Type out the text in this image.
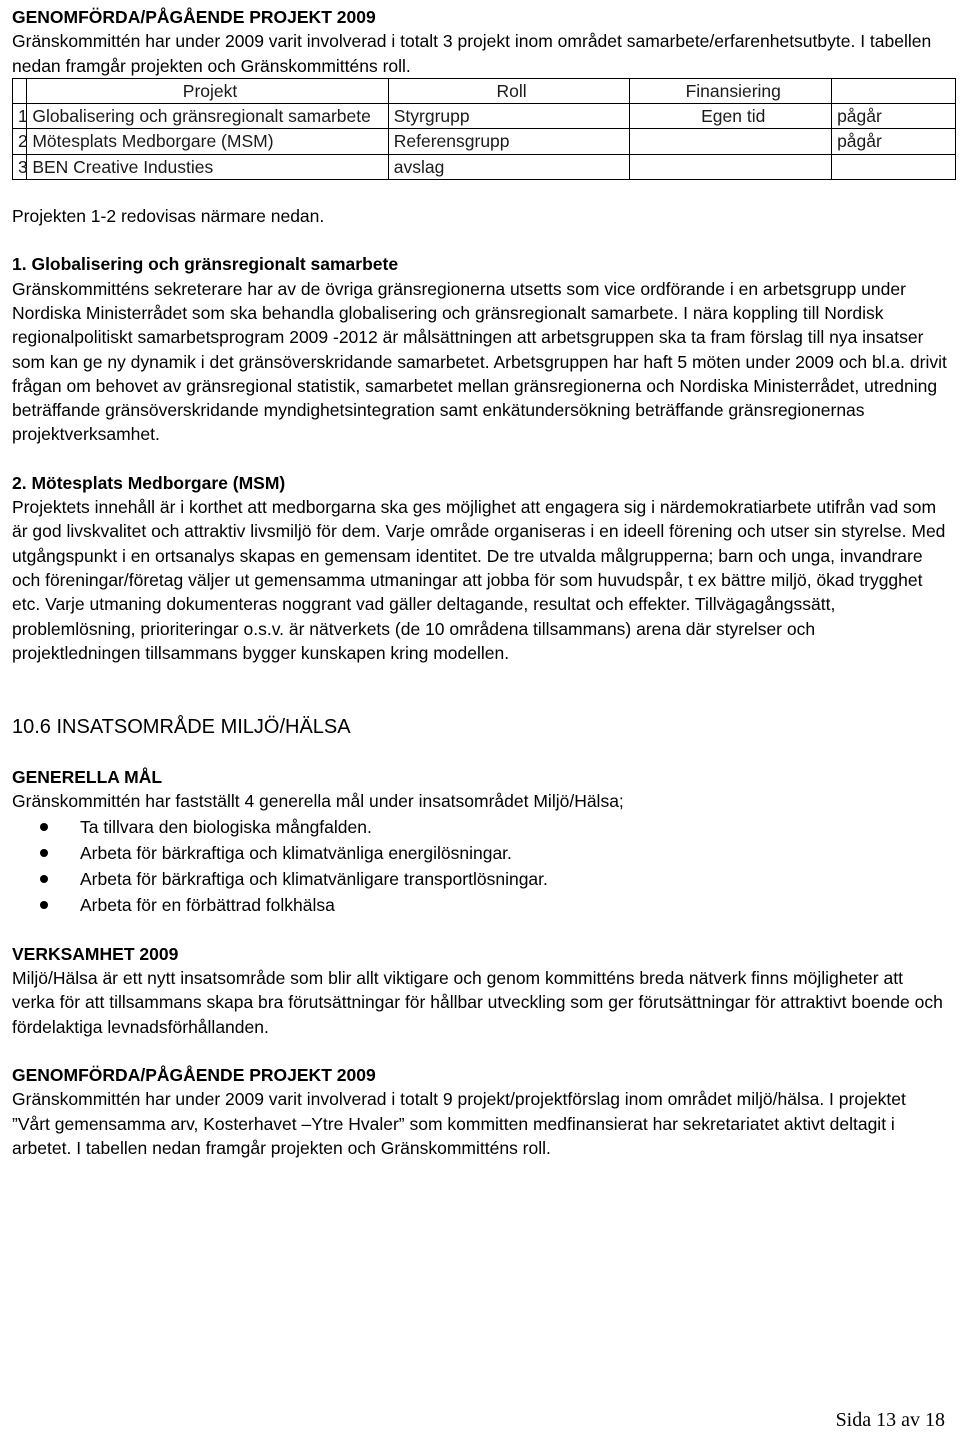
GENOMFÖRDA/PÅGÅENDE PROJEKT 2009

Gränskommittén har under 2009 varit involverad i totalt 3 projekt inom området samarbete/erfarenhetsutbyte. I tabellen nedan framgår projekten och Gränskommitténs roll.

	Projekt	Roll	Finansiering	
1	Globalisering och gränsregionalt samarbete	Styrgrupp	Egen tid	pågår
2	Mötesplats Medborgare (MSM)	Referensgrupp		pågår
3	BEN Creative Industies	avslag		

Projekten 1-2 redovisas närmare nedan.

1. Globalisering och gränsregionalt samarbete

Gränskommitténs sekreterare har av de övriga gränsregionerna utsetts som vice ordförande i en arbetsgrupp under Nordiska Ministerrådet som ska behandla globalisering och gränsregionalt samarbete. I nära koppling till Nordisk regionalpolitiskt samarbetsprogram 2009 -2012 är målsättningen att arbetsgruppen ska ta fram förslag till nya insatser som kan ge ny dynamik i det gränsöverskridande samarbetet. Arbetsgruppen har haft 5 möten under 2009 och bl.a. drivit frågan om behovet av gränsregional statistik, samarbetet mellan gränsregionerna och Nordiska Ministerrådet, utredning beträffande gränsöverskridande myndighetsintegration samt enkätundersökning beträffande gränsregionernas projektverksamhet.

2. Mötesplats Medborgare (MSM)

Projektets innehåll är i korthet att medborgarna ska ges möjlighet att engagera sig i närdemokratiarbete utifrån vad som är god livskvalitet och attraktiv livsmiljö för dem. Varje område organiseras i en ideell förening och utser sin styrelse. Med utgångspunkt i en ortsanalys skapas en gemensam identitet. De tre utvalda målgrupperna; barn och unga, invandrare och föreningar/företag väljer ut gemensamma utmaningar att jobba för som huvudspår, t ex bättre miljö, ökad trygghet etc. Varje utmaning dokumenteras noggrant vad gäller deltagande, resultat och effekter. Tillvägagångssätt, problemlösning, prioriteringar o.s.v. är nätverkets (de 10 områdena tillsammans) arena där styrelser och projektledningen tillsammans bygger kunskapen kring modellen.

10.6 INSATSOMRÅDE MILJÖ/HÄLSA

GENERELLA MÅL

Gränskommittén har fastställt 4 generella mål under insatsområdet Miljö/Hälsa;

Ta tillvara den biologiska mångfalden.
Arbeta för bärkraftiga och klimatvänliga energilösningar.
Arbeta för bärkraftiga och klimatvänligare transportlösningar.
Arbeta för en förbättrad folkhälsa
VERKSAMHET 2009

Miljö/Hälsa är ett nytt insatsområde som blir allt viktigare och genom kommitténs breda nätverk finns möjligheter att verka för att tillsammans skapa bra förutsättningar för hållbar utveckling som ger förutsättningar för attraktivt boende och fördelaktiga levnadsförhållanden.

GENOMFÖRDA/PÅGÅENDE PROJEKT 2009

Gränskommittén har under 2009 varit involverad i totalt 9 projekt/projektförslag inom området miljö/hälsa. I projektet ”Vårt gemensamma arv, Kosterhavet –Ytre Hvaler” som kommitten medfinansierat har sekretariatet aktivt deltagit i arbetet. I tabellen nedan framgår projekten och Gränskommitténs roll.

Sida 13 av 18
